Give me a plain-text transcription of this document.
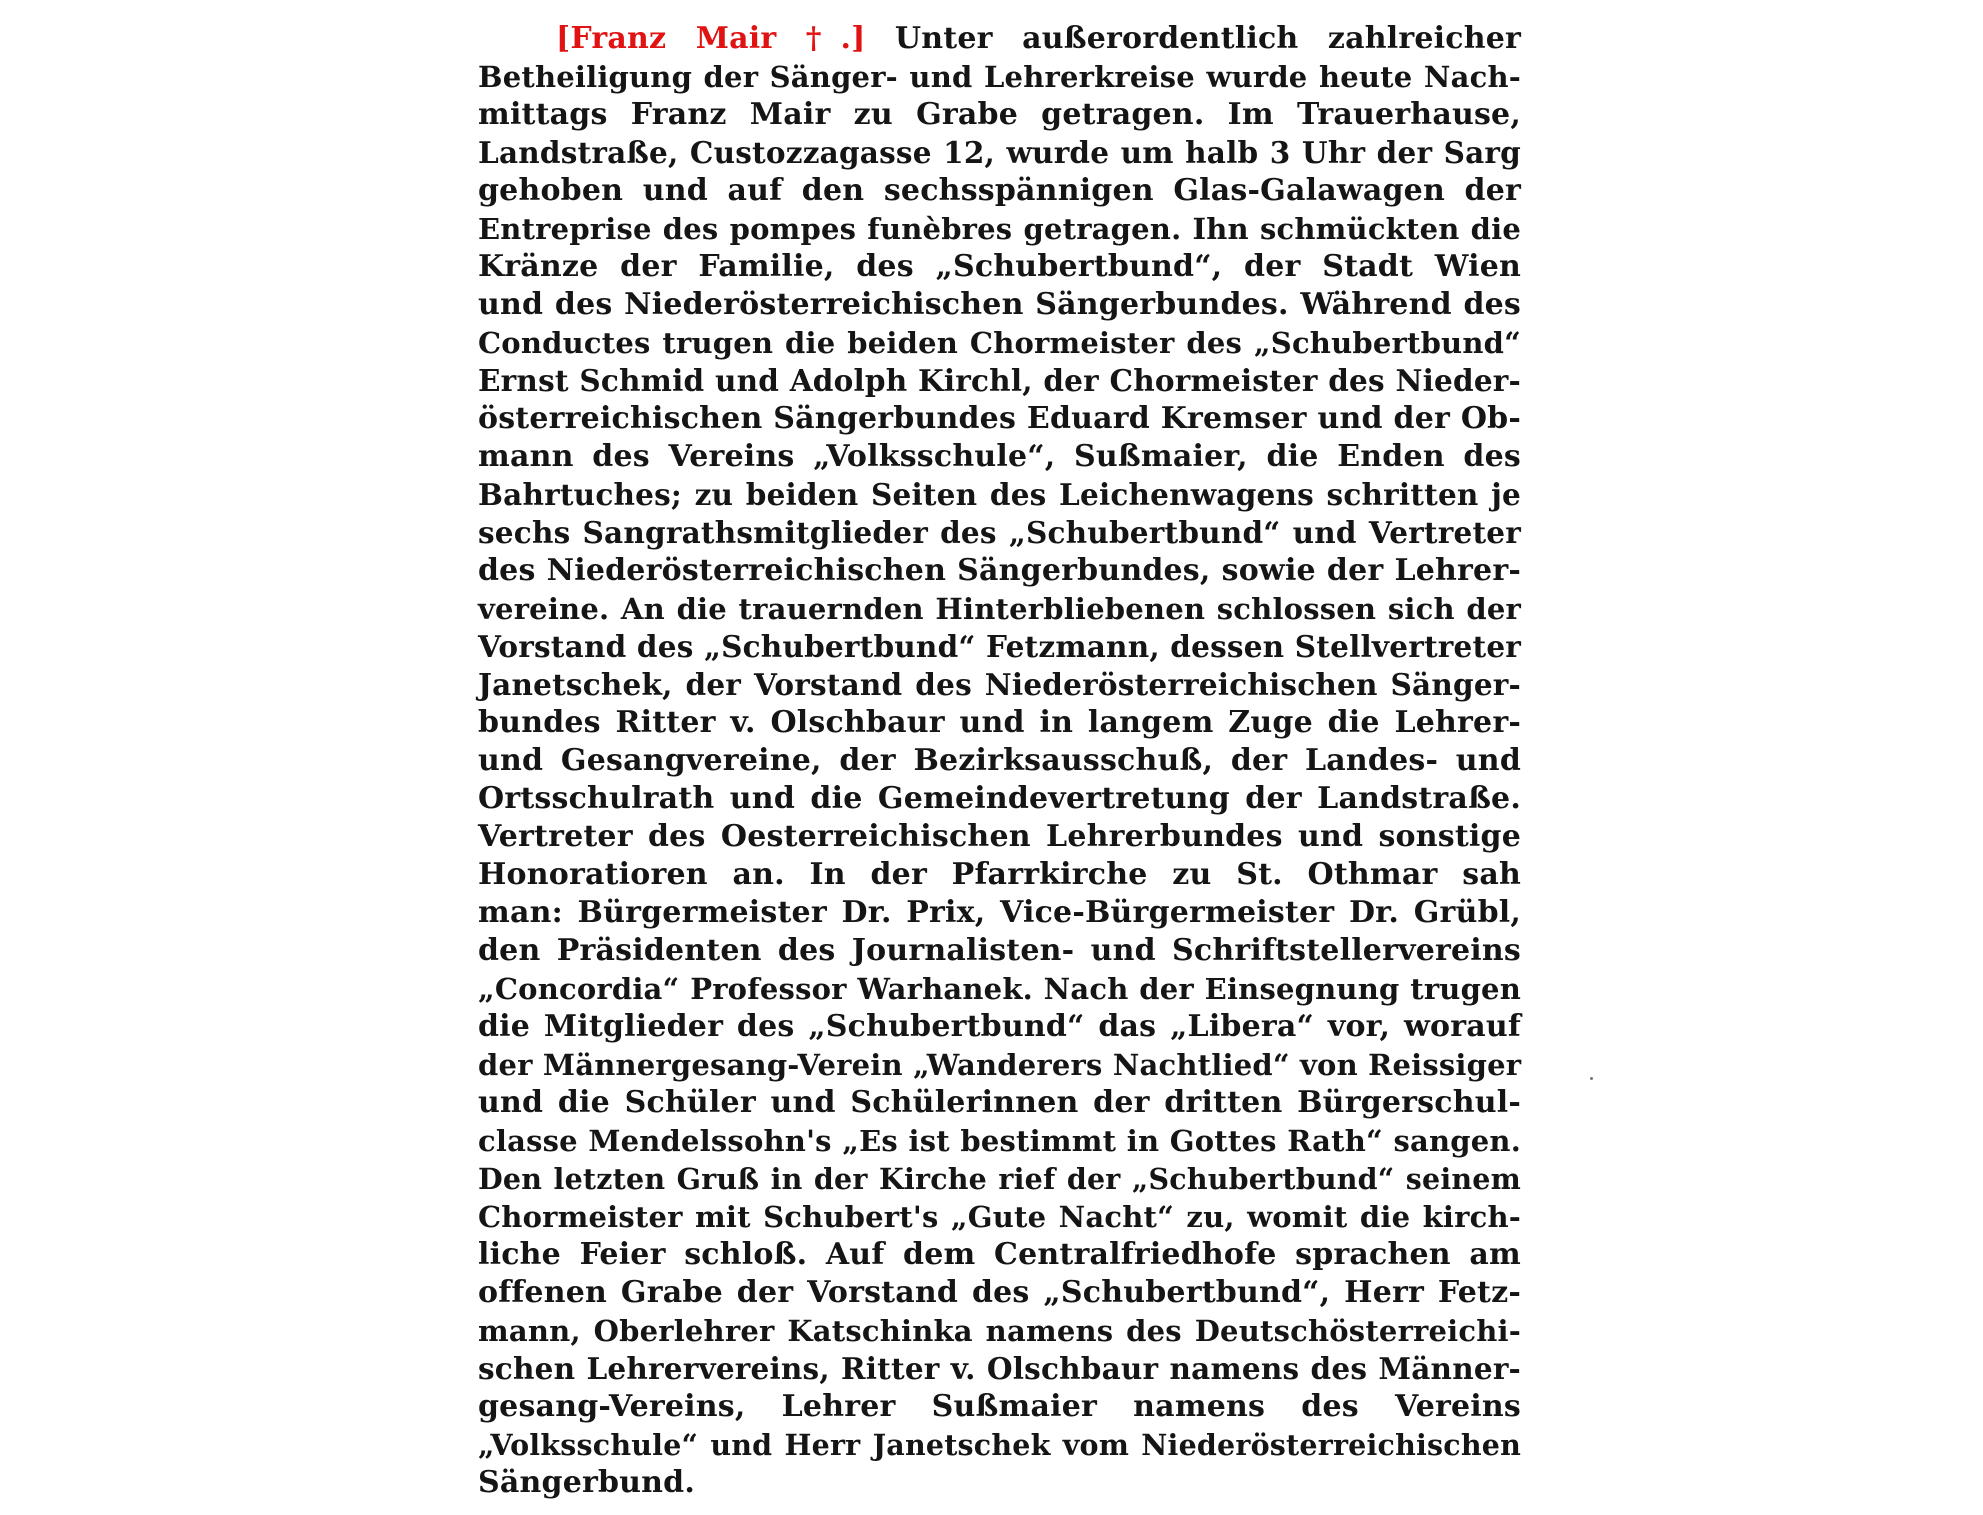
[Franz Mair †.] Unter außerordentlich zahlreicher
Betheiligung der Sänger- und Lehrerkreise wurde heute Nach-
mittags Franz Mair zu Grabe getragen. Im Trauerhause,
Landstraße, Custozzagasse 12, wurde um halb 3 Uhr der Sarg
gehoben und auf den sechsspännigen Glas-Galawagen der
Entreprise des pompes funèbres getragen. Ihn schmückten die
Kränze der Familie, des „Schubertbund“, der Stadt Wien
und des Niederösterreichischen Sängerbundes. Während des
Conductes trugen die beiden Chormeister des „Schubertbund“
Ernst Schmid und Adolph Kirchl, der Chormeister des Nieder-
österreichischen Sängerbundes Eduard Kremser und der Ob-
mann des Vereins „Volksschule“, Sußmaier, die Enden des
Bahrtuches; zu beiden Seiten des Leichenwagens schritten je
sechs Sangrathsmitglieder des „Schubertbund“ und Vertreter
des Niederösterreichischen Sängerbundes, sowie der Lehrer-
vereine. An die trauernden Hinterbliebenen schlossen sich der
Vorstand des „Schubertbund“ Fetzmann, dessen Stellvertreter
Janetschek, der Vorstand des Niederösterreichischen Sänger-
bundes Ritter v. Olschbaur und in langem Zuge die Lehrer-
und Gesangvereine, der Bezirksausschuß, der Landes- und
Ortsschulrath und die Gemeindevertretung der Landstraße.
Vertreter des Oesterreichischen Lehrerbundes und sonstige
Honoratioren an. In der Pfarrkirche zu St. Othmar sah
man: Bürgermeister Dr. Prix, Vice-Bürgermeister Dr. Grübl,
den Präsidenten des Journalisten- und Schriftstellervereins
„Concordia“ Professor Warhanek. Nach der Einsegnung trugen
die Mitglieder des „Schubertbund“ das „Libera“ vor, worauf
der Männergesang-Verein „Wanderers Nachtlied“ von Reissiger
und die Schüler und Schülerinnen der dritten Bürgerschul-
classe Mendelssohn's „Es ist bestimmt in Gottes Rath“ sangen.
Den letzten Gruß in der Kirche rief der „Schubertbund“ seinem
Chormeister mit Schubert's „Gute Nacht“ zu, womit die kirch-
liche Feier schloß. Auf dem Centralfriedhofe sprachen am
offenen Grabe der Vorstand des „Schubertbund“, Herr Fetz-
mann, Oberlehrer Katschinka namens des Deutschösterreichi-
schen Lehrervereins, Ritter v. Olschbaur namens des Männer-
gesang-Vereins, Lehrer Sußmaier namens des Vereins
„Volksschule“ und Herr Janetschek vom Niederösterreichischen
Sängerbund.
